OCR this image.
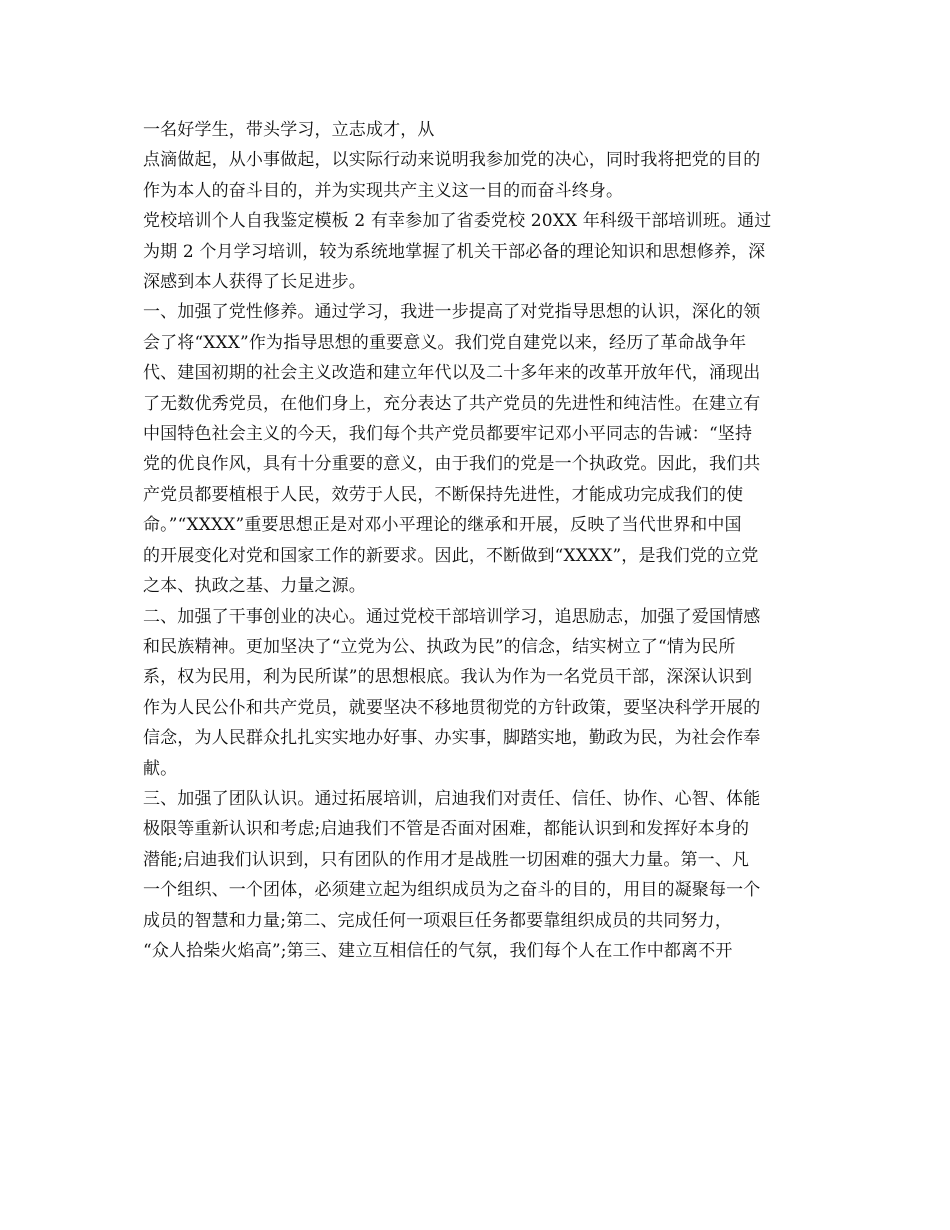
一名好学生，带头学习，立志成才，从
点滴做起，从小事做起，以实际行动来说明我参加党的决心，同时我将把党的目的
作为本人的奋斗目的，并为实现共产主义这一目的而奋斗终身。
党校培训个人自我鉴定模板 2 有幸参加了省委党校 20XX 年科级干部培训班。通过
为期 2 个月学习培训，较为系统地掌握了机关干部必备的理论知识和思想修养，深
深感到本人获得了长足进步。
一、加强了党性修养。通过学习，我进一步提高了对党指导思想的认识，深化的领
会了将“XXX”作为指导思想的重要意义。我们党自建党以来，经历了革命战争年
代、建国初期的社会主义改造和建立年代以及二十多年来的改革开放年代，涌现出
了无数优秀党员，在他们身上，充分表达了共产党员的先进性和纯洁性。在建立有
中国特色社会主义的今天，我们每个共产党员都要牢记邓小平同志的告诫：“坚持
党的优良作风，具有十分重要的意义，由于我们的党是一个执政党。因此，我们共
产党员都要植根于人民，效劳于人民，不断保持先进性，才能成功完成我们的使
命。”“XXXX”重要思想正是对邓小平理论的继承和开展，反映了当代世界和中国
的开展变化对党和国家工作的新要求。因此，不断做到“XXXX”，是我们党的立党
之本、执政之基、力量之源。
二、加强了干事创业的决心。通过党校干部培训学习，追思励志，加强了爱国情感
和民族精神。更加坚决了“立党为公、执政为民”的信念，结实树立了“情为民所
系，权为民用，利为民所谋”的思想根底。我认为作为一名党员干部，深深认识到
作为人民公仆和共产党员，就要坚决不移地贯彻党的方针政策，要坚决科学开展的
信念，为人民群众扎扎实实地办好事、办实事，脚踏实地，勤政为民，为社会作奉
献。
三、加强了团队认识。通过拓展培训，启迪我们对责任、信任、协作、心智、体能
极限等重新认识和考虑;启迪我们不管是否面对困难，都能认识到和发挥好本身的
潜能;启迪我们认识到，只有团队的作用才是战胜一切困难的强大力量。第一、凡
一个组织、一个团体，必须建立起为组织成员为之奋斗的目的，用目的凝聚每一个
成员的智慧和力量;第二、完成任何一项艰巨任务都要靠组织成员的共同努力，
“众人拾柴火焰高”;第三、建立互相信任的气氛，我们每个人在工作中都离不开
